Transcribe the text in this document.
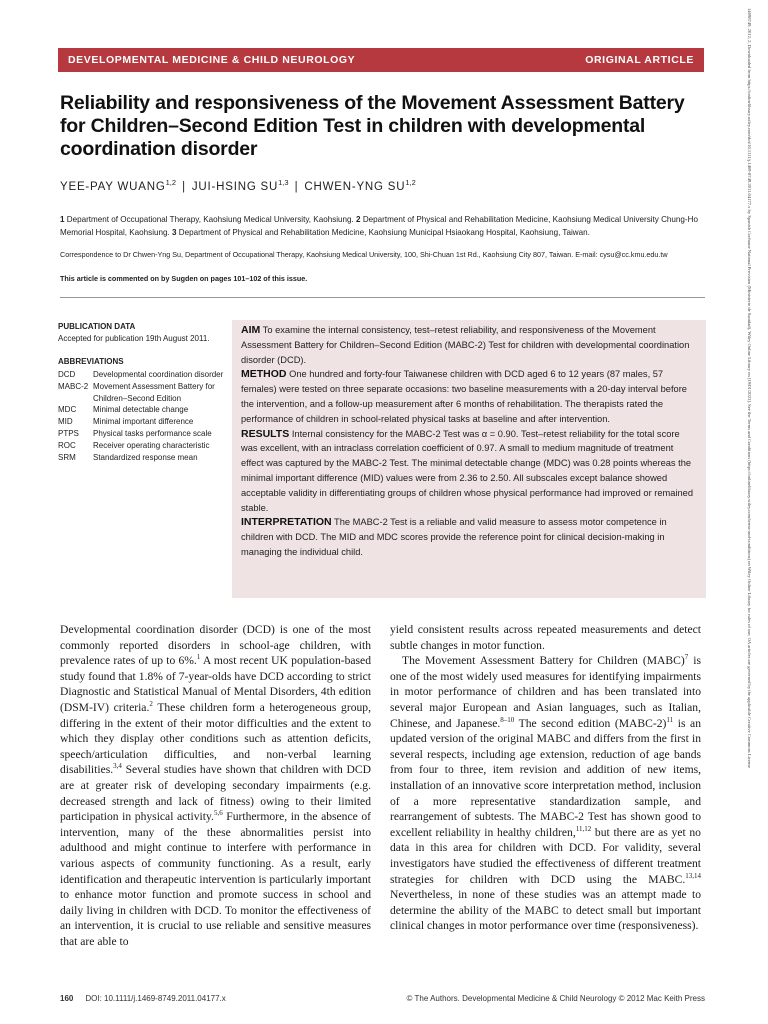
DEVELOPMENTAL MEDICINE & CHILD NEUROLOGY	ORIGINAL ARTICLE
Reliability and responsiveness of the Movement Assessment Battery for Children–Second Edition Test in children with developmental coordination disorder
YEE-PAY WUANG$^{1,2}$ | JUI-HSING SU$^{1,3}$ | CHWEN-YNG SU$^{1,2}$
1 Department of Occupational Therapy, Kaohsiung Medical University, Kaohsiung. 2 Department of Physical and Rehabilitation Medicine, Kaohsiung Medical University Chung-Ho Memorial Hospital, Kaohsiung. 3 Department of Physical and Rehabilitation Medicine, Kaohsiung Municipal Hsiaokang Hospital, Kaohsiung, Taiwan.
Correspondence to Dr Chwen-Yng Su, Department of Occupational Therapy, Kaohsiung Medical University, 100, Shi-Chuan 1st Rd., Kaohsiung City 807, Taiwan. E-mail: cysu@cc.kmu.edu.tw
This article is commented on by Sugden on pages 101–102 of this issue.
PUBLICATION DATA
Accepted for publication 19th August 2011.
ABBREVIATIONS
DCD	Developmental coordination disorder
MABC-2 Movement Assessment Battery for Children–Second Edition
MDC	Minimal detectable change
MID	Minimal important difference
PTPS	Physical tasks performance scale
ROC	Receiver operating characteristic
SRM	Standardized response mean

AIM To examine the internal consistency, test–retest reliability, and responsiveness of the Movement Assessment Battery for Children–Second Edition (MABC-2) Test for children with developmental coordination disorder (DCD).

METHOD One hundred and forty-four Taiwanese children with DCD aged 6 to 12 years (87 males, 57 females) were tested on three separate occasions: two baseline measurements with a 20-day interval before the intervention, and a follow-up measurement after 6 months of rehabilitation. The therapists rated the performance of children in school-related physical tasks at baseline and after intervention.

RESULTS Internal consistency for the MABC-2 Test was α = 0.90. Test–retest reliability for the total score was excellent, with an intraclass correlation coefficient of 0.97. A small to medium magnitude of treatment effect was captured by the MABC-2 Test. The minimal detectable change (MDC) was 0.28 points whereas the minimal important difference (MID) values were from 2.36 to 2.50. All subscales except balance showed acceptable validity in differentiating groups of children whose physical performance had improved or remained stable.

INTERPRETATION The MABC-2 Test is a reliable and valid measure to assess motor competence in children with DCD. The MID and MDC scores provide the reference point for clinical decision-making in managing the individual child.

Developmental coordination disorder (DCD) is one of the most commonly reported disorders in school-age children, with prevalence rates of up to 6%.$^1$ A most recent UK population-based study found that 1.8% of 7-year-olds have DCD according to strict Diagnostic and Statistical Manual of Mental Disorders, 4th edition (DSM-IV) criteria.$^2$ These children form a heterogeneous group, differing in the extent of their motor difficulties and the extent to which they display other conditions such as attention deficits, speech/articulation difficulties, and non-verbal learning disabilities.$^{3,4}$ Several studies have shown that children with DCD are at greater risk of developing secondary impairments (e.g. decreased strength and lack of fitness) owing to their limited participation in physical activity.$^{5,6}$ Furthermore, in the absence of intervention, many of the these abnormalities persist into adulthood and might continue to interfere with performance in various aspects of community functioning. As a result, early identification and therapeutic intervention is particularly important to enhance motor function and promote success in school and daily living in children with DCD. To monitor the effectiveness of an intervention, it is crucial to use reliable and sensitive measures that are able to

yield consistent results across repeated measurements and detect subtle changes in motor function.

The Movement Assessment Battery for Children (MABC)$^7$ is one of the most widely used measures for identifying impairments in motor performance of children and has been translated into several major European and Asian languages, such as Italian, Chinese, and Japanese.$^{8-10}$ The second edition (MABC-2)$^{11}$ is an updated version of the original MABC and differs from the first in several respects, including age extension, reduction of age bands from four to three, item revision and addition of new items, installation of an innovative score interpretation method, inclusion of a more representative standardization sample, and rearrangement of subtests. The MABC-2 Test has shown good to excellent reliability in healthy children,$^{11,12}$ but there are as yet no data in this area for children with DCD. For validity, several investigators have studied the effectiveness of different treatment strategies for children with DCD using the MABC.$^{13,14}$ Nevertheless, in none of these studies was an attempt made to determine the ability of the MABC to detect small but important clinical changes in motor performance over time (responsiveness).

160 DOI: 10.1111/j.1469-8749.2011.04177.x	© The Authors. Developmental Medicine & Child Neurology © 2012 Mac Keith Press
14698749, 2012, 2, Downloaded from https://onlinelibrary.wiley.com/doi/10.1111/j.1469-8749.2011.04177.x by Spanish Cochrane National Provision (Ministerio de Sanidad), Wiley Online Library on [19/01/2023]. See the Terms and Conditions (https://onlinelibrary.wiley.com/terms-and-conditions) on Wiley Online Library for rules of use; OA articles are governed by the applicable Creative Commons License
